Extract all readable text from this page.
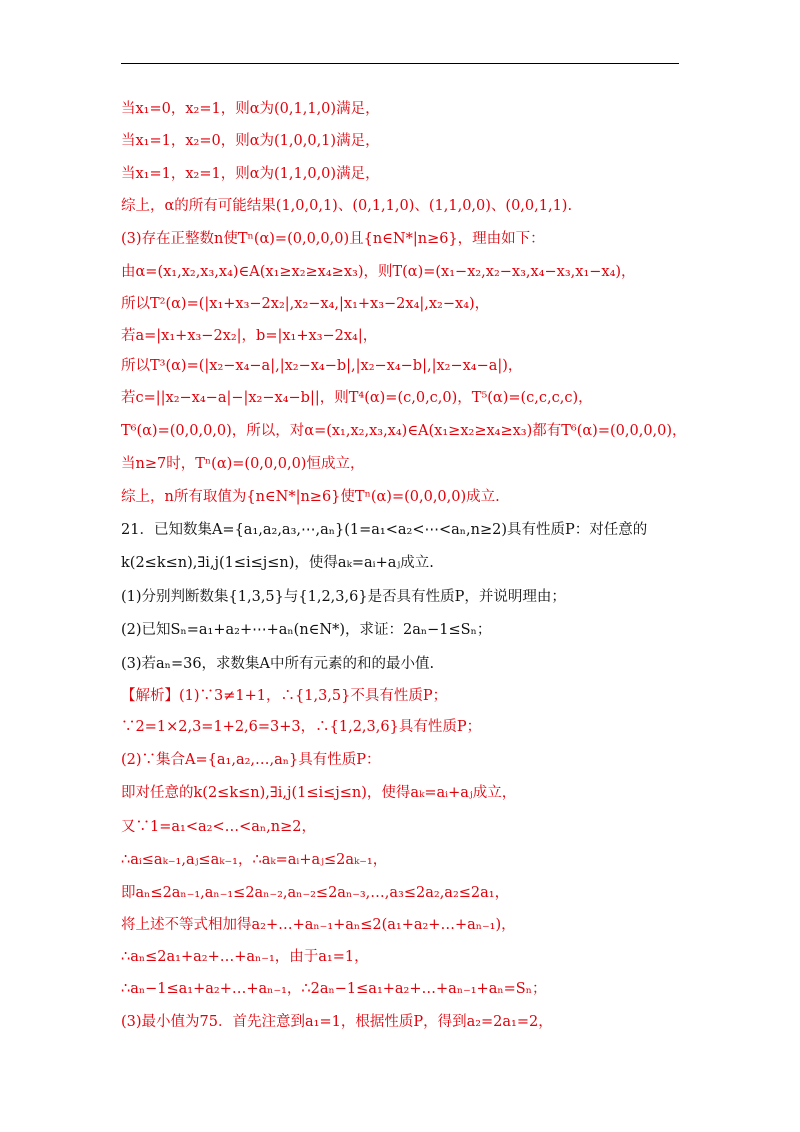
当x₁=0，x₂=1，则α为(0,1,1,0)满足，
当x₁=1，x₂=0，则α为(1,0,0,1)满足，
当x₁=1，x₂=1，则α为(1,1,0,0)满足，
综上，α的所有可能结果(1,0,0,1)、(0,1,1,0)、(1,1,0,0)、(0,0,1,1).
(3)存在正整数n使Tⁿ(α)=(0,0,0,0)且{n∈N*|n≥6}，理由如下：
由α=(x₁,x₂,x₃,x₄)∈A(x₁≥x₂≥x₄≥x₃)，则T(α)=(x₁−x₂,x₂−x₃,x₄−x₃,x₁−x₄)，
所以T²(α)=(|x₁+x₃−2x₂|,x₂−x₄,|x₁+x₃−2x₄|,x₂−x₄)，
若a=|x₁+x₃−2x₂|，b=|x₁+x₃−2x₄|，
所以T³(α)=(|x₂−x₄−a|,|x₂−x₄−b|,|x₂−x₄−b|,|x₂−x₄−a|)，
若c=||x₂−x₄−a|−|x₂−x₄−b||，则T⁴(α)=(c,0,c,0)，T⁵(α)=(c,c,c,c)，
T⁶(α)=(0,0,0,0)，所以，对α=(x₁,x₂,x₃,x₄)∈A(x₁≥x₂≥x₄≥x₃)都有T⁶(α)=(0,0,0,0)，
当n≥7时，Tⁿ(α)=(0,0,0,0)恒成立，
综上，n所有取值为{n∈N*|n≥6}使Tⁿ(α)=(0,0,0,0)成立.
21．已知数集A={a₁,a₂,a₃,⋯,aₙ}(1=a₁<a₂<⋯<aₙ,n≥2)具有性质P：对任意的
k(2≤k≤n),∃i,j(1≤i≤j≤n)，使得aₖ=aᵢ+aⱼ成立.
(1)分别判断数集{1,3,5}与{1,2,3,6}是否具有性质P，并说明理由；
(2)已知Sₙ=a₁+a₂+⋯+aₙ(n∈N*)，求证：2aₙ−1≤Sₙ；
(3)若aₙ=36，求数集A中所有元素的和的最小值.
【解析】(1)∵3≠1+1，∴{1,3,5}不具有性质P；
∵2=1×2,3=1+2,6=3+3，∴{1,2,3,6}具有性质P；
(2)∵集合A={a₁,a₂,…,aₙ}具有性质P：
即对任意的k(2≤k≤n),∃i,j(1≤i≤j≤n)，使得aₖ=aᵢ+aⱼ成立，
又∵1=a₁<a₂<…<aₙ,n≥2，
∴aᵢ≤aₖ₋₁,aⱼ≤aₖ₋₁，∴aₖ=aᵢ+aⱼ≤2aₖ₋₁，
即aₙ≤2aₙ₋₁,aₙ₋₁≤2aₙ₋₂,aₙ₋₂≤2aₙ₋₃,…,a₃≤2a₂,a₂≤2a₁，
将上述不等式相加得a₂+…+aₙ₋₁+aₙ≤2(a₁+a₂+…+aₙ₋₁)，
∴aₙ≤2a₁+a₂+…+aₙ₋₁，由于a₁=1，
∴aₙ−1≤a₁+a₂+…+aₙ₋₁，∴2aₙ−1≤a₁+a₂+…+aₙ₋₁+aₙ=Sₙ；
(3)最小值为75．首先注意到a₁=1，根据性质P，得到a₂=2a₁=2，
